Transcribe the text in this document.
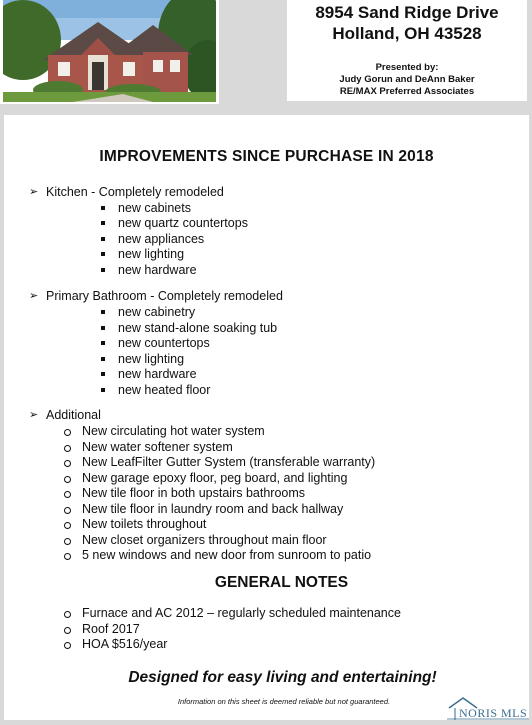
8954 Sand Ridge Drive
Holland, OH 43528
Presented by:
Judy Gorun and DeAnn Baker
RE/MAX Preferred Associates
IMPROVEMENTS SINCE PURCHASE IN 2018
➢ Kitchen - Completely remodeled
new cabinets
new quartz countertops
new appliances
new lighting
new hardware
➢ Primary Bathroom - Completely remodeled
new cabinetry
new stand-alone soaking tub
new countertops
new lighting
new hardware
new heated floor
➢ Additional
New circulating hot water system
New water softener system
New LeafFilter Gutter System (transferable warranty)
New garage epoxy floor, peg board, and lighting
New tile floor in both upstairs bathrooms
New tile floor in laundry room and back hallway
New toilets throughout
New closet organizers throughout main floor
5 new windows and new door from sunroom to patio
GENERAL NOTES
Furnace and AC 2012 – regularly scheduled maintenance
Roof 2017
HOA $516/year
Designed for easy living and entertaining!
Information on this sheet is deemed reliable but not guaranteed.
NORIS MLS
